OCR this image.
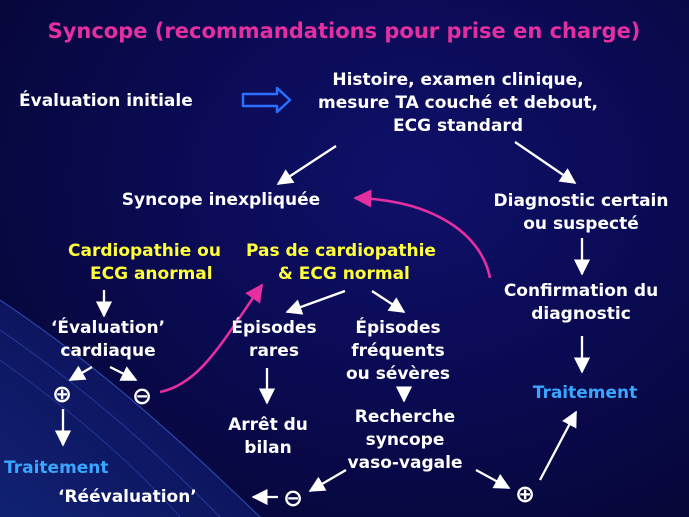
Syncope (recommandations pour prise en charge)
Évaluation initiale
Histoire, examen clinique,
mesure TA couché et debout,
ECG standard
Syncope inexpliquée	Diagnostic certain
ou suspecté
Cardiopathie ou
ECG anormal
Pas de cardiopathie
& ECG normal
Confirmation du
diagnostic
‘Évaluation’
cardiaque
Épisodes
rares
Épisodes
fréquents
ou sévères
⊕ ⊖	Traitement
Arrêt du
bilan
Recherche
syncope
vaso-vagale
Traitement
‘Réévaluation’	⊖	⊕
